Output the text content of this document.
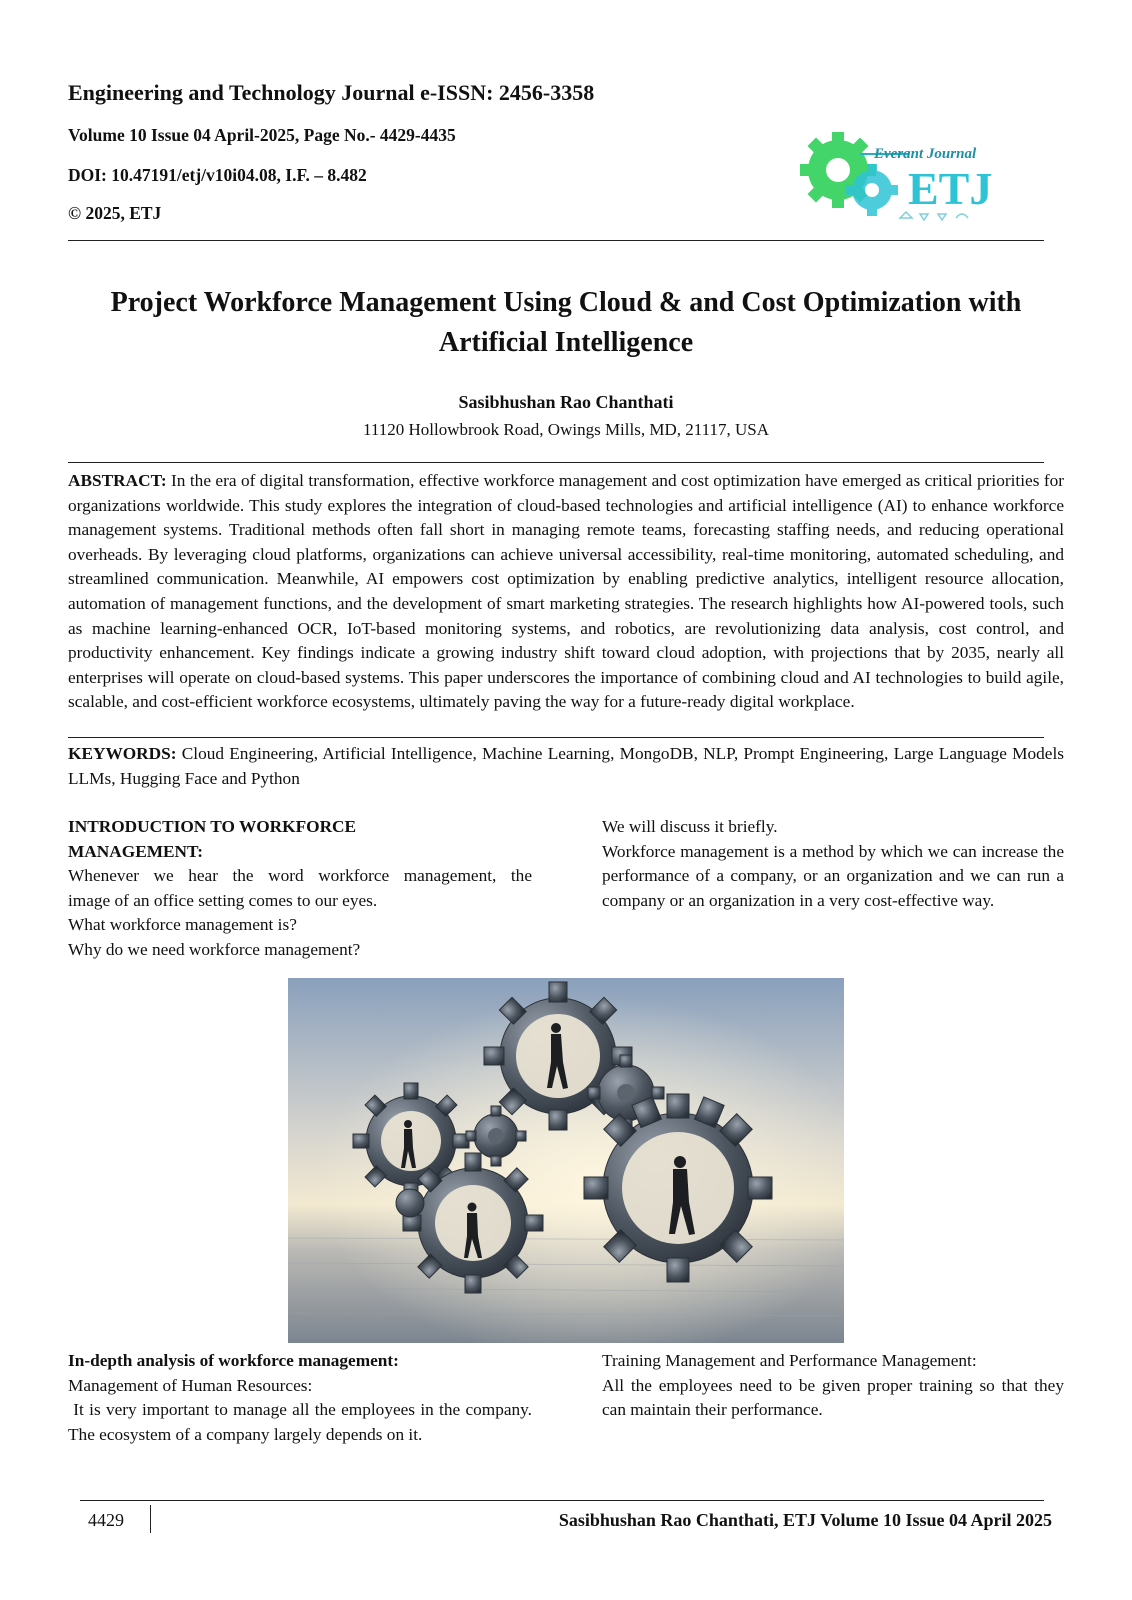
Engineering and Technology Journal e-ISSN: 2456-3358
Volume 10 Issue 04 April-2025, Page No.- 4429-4435
DOI: 10.47191/etj/v10i04.08, I.F. – 8.482
© 2025, ETJ
Everant Journal
ETJ
Project Workforce Management Using Cloud & and Cost Optimization with Artificial Intelligence
Sasibhushan Rao Chanthati
11120 Hollowbrook Road, Owings Mills, MD, 21117, USA
ABSTRACT: In the era of digital transformation, effective workforce management and cost optimization have emerged as critical priorities for organizations worldwide. This study explores the integration of cloud-based technologies and artificial intelligence (AI) to enhance workforce management systems. Traditional methods often fall short in managing remote teams, forecasting staffing needs, and reducing operational overheads. By leveraging cloud platforms, organizations can achieve universal accessibility, real-time monitoring, automated scheduling, and streamlined communication. Meanwhile, AI empowers cost optimization by enabling predictive analytics, intelligent resource allocation, automation of management functions, and the development of smart marketing strategies. The research highlights how AI-powered tools, such as machine learning-enhanced OCR, IoT-based monitoring systems, and robotics, are revolutionizing data analysis, cost control, and productivity enhancement. Key findings indicate a growing industry shift toward cloud adoption, with projections that by 2035, nearly all enterprises will operate on cloud-based systems. This paper underscores the importance of combining cloud and AI technologies to build agile, scalable, and cost-efficient workforce ecosystems, ultimately paving the way for a future-ready digital workplace.
KEYWORDS: Cloud Engineering, Artificial Intelligence, Machine Learning, MongoDB, NLP, Prompt Engineering, Large Language Models LLMs, Hugging Face and Python
INTRODUCTION TO WORKFORCE
MANAGEMENT:
Whenever we hear the word workforce management, the
image of an office setting comes to our eyes.
What workforce management is?
Why do we need workforce management?
We will discuss it briefly.
Workforce management is a method by which we can increase the performance of a company, or an organization and we can run a company or an organization in a very cost-effective way.
In-depth analysis of workforce management:
Management of Human Resources:
It is very important to manage all the employees in the company. The ecosystem of a company largely depends on it.
Training Management and Performance Management:
All the employees need to be given proper training so that they can maintain their performance.
4429	Sasibhushan Rao Chanthati, ETJ Volume 10 Issue 04 April 2025
